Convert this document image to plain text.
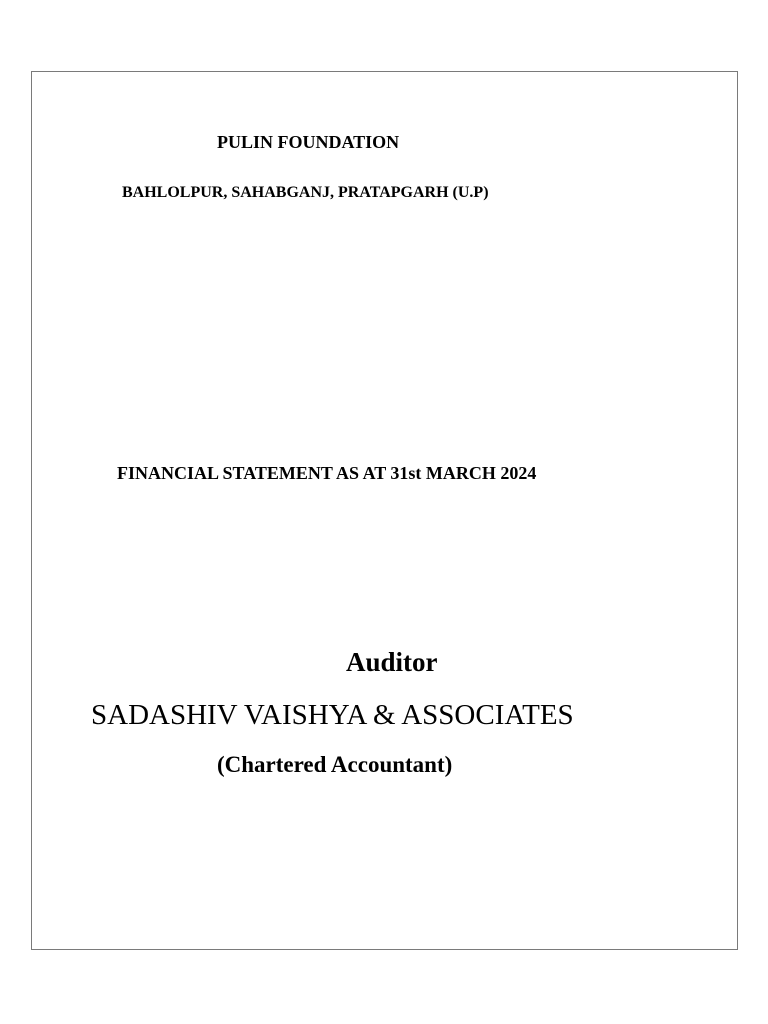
PULIN FOUNDATION
BAHLOLPUR, SAHABGANJ, PRATAPGARH (U.P)
FINANCIAL STATEMENT AS AT 31st MARCH 2024
Auditor
SADASHIV VAISHYA & ASSOCIATES
(Chartered Accountant)
